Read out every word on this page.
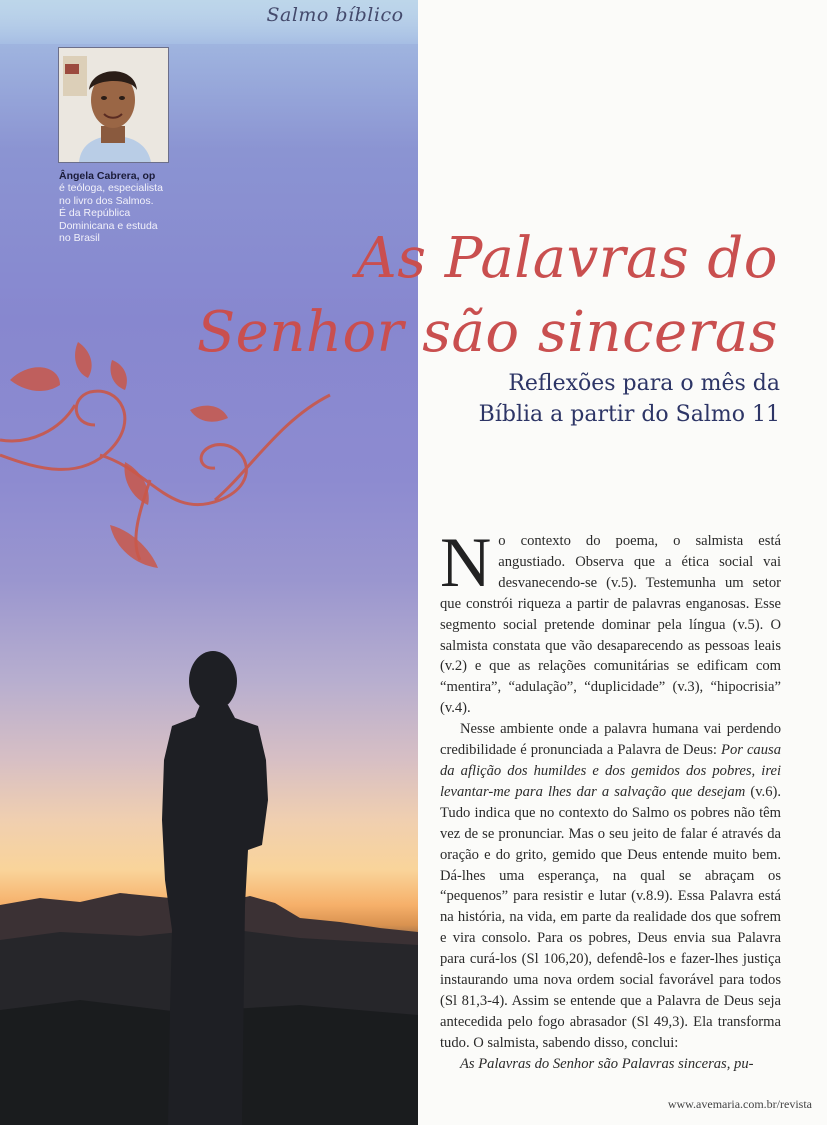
Salmo bíblico
Ângela Cabrera, op
é teóloga, especialista
no livro dos Salmos.
É da República
Dominicana e estuda
no Brasil	As Palavras do
Senhor são sinceras
Reflexões para o mês da
Bíblia a partir do Salmo 11

No contexto do poema, o salmista está angustiado. Observa que a ética social vai desvanecendo-se (v.5). Testemunha um setor que constrói riqueza a partir de palavras enganosas. Esse segmento social pretende dominar pela língua (v.5). O salmista constata que vão desaparecendo as pessoas leais (v.2) e que as relações comunitárias se edificam com “mentira”, “adulação”, “duplicidade” (v.3), “hipocrisia” (v.4).

Nesse ambiente onde a palavra humana vai perdendo credibilidade é pronunciada a Palavra de Deus: Por causa da aflição dos humildes e dos gemidos dos pobres, irei levantar-me para lhes dar a salvação que desejam (v.6). Tudo indica que no contexto do Salmo os pobres não têm vez de se pronunciar. Mas o seu jeito de falar é através da oração e do grito, gemido que Deus entende muito bem. Dá-lhes uma esperança, na qual se abraçam os “pequenos” para resistir e lutar (v.8.9). Essa Palavra está na história, na vida, em parte da realidade dos que sofrem e vira consolo. Para os pobres, Deus envia sua Palavra para curá-los (Sl 106,20), defendê-los e fazer-lhes justiça instaurando uma nova ordem social favorável para todos (Sl 81,3-4). Assim se entende que a Palavra de Deus seja antecedida pelo fogo abrasador (Sl 49,3). Ela transforma tudo. O salmista, sabendo disso, conclui:

As Palavras do Senhor são Palavras sinceras, pu-

www.avemaria.com.br/revista
